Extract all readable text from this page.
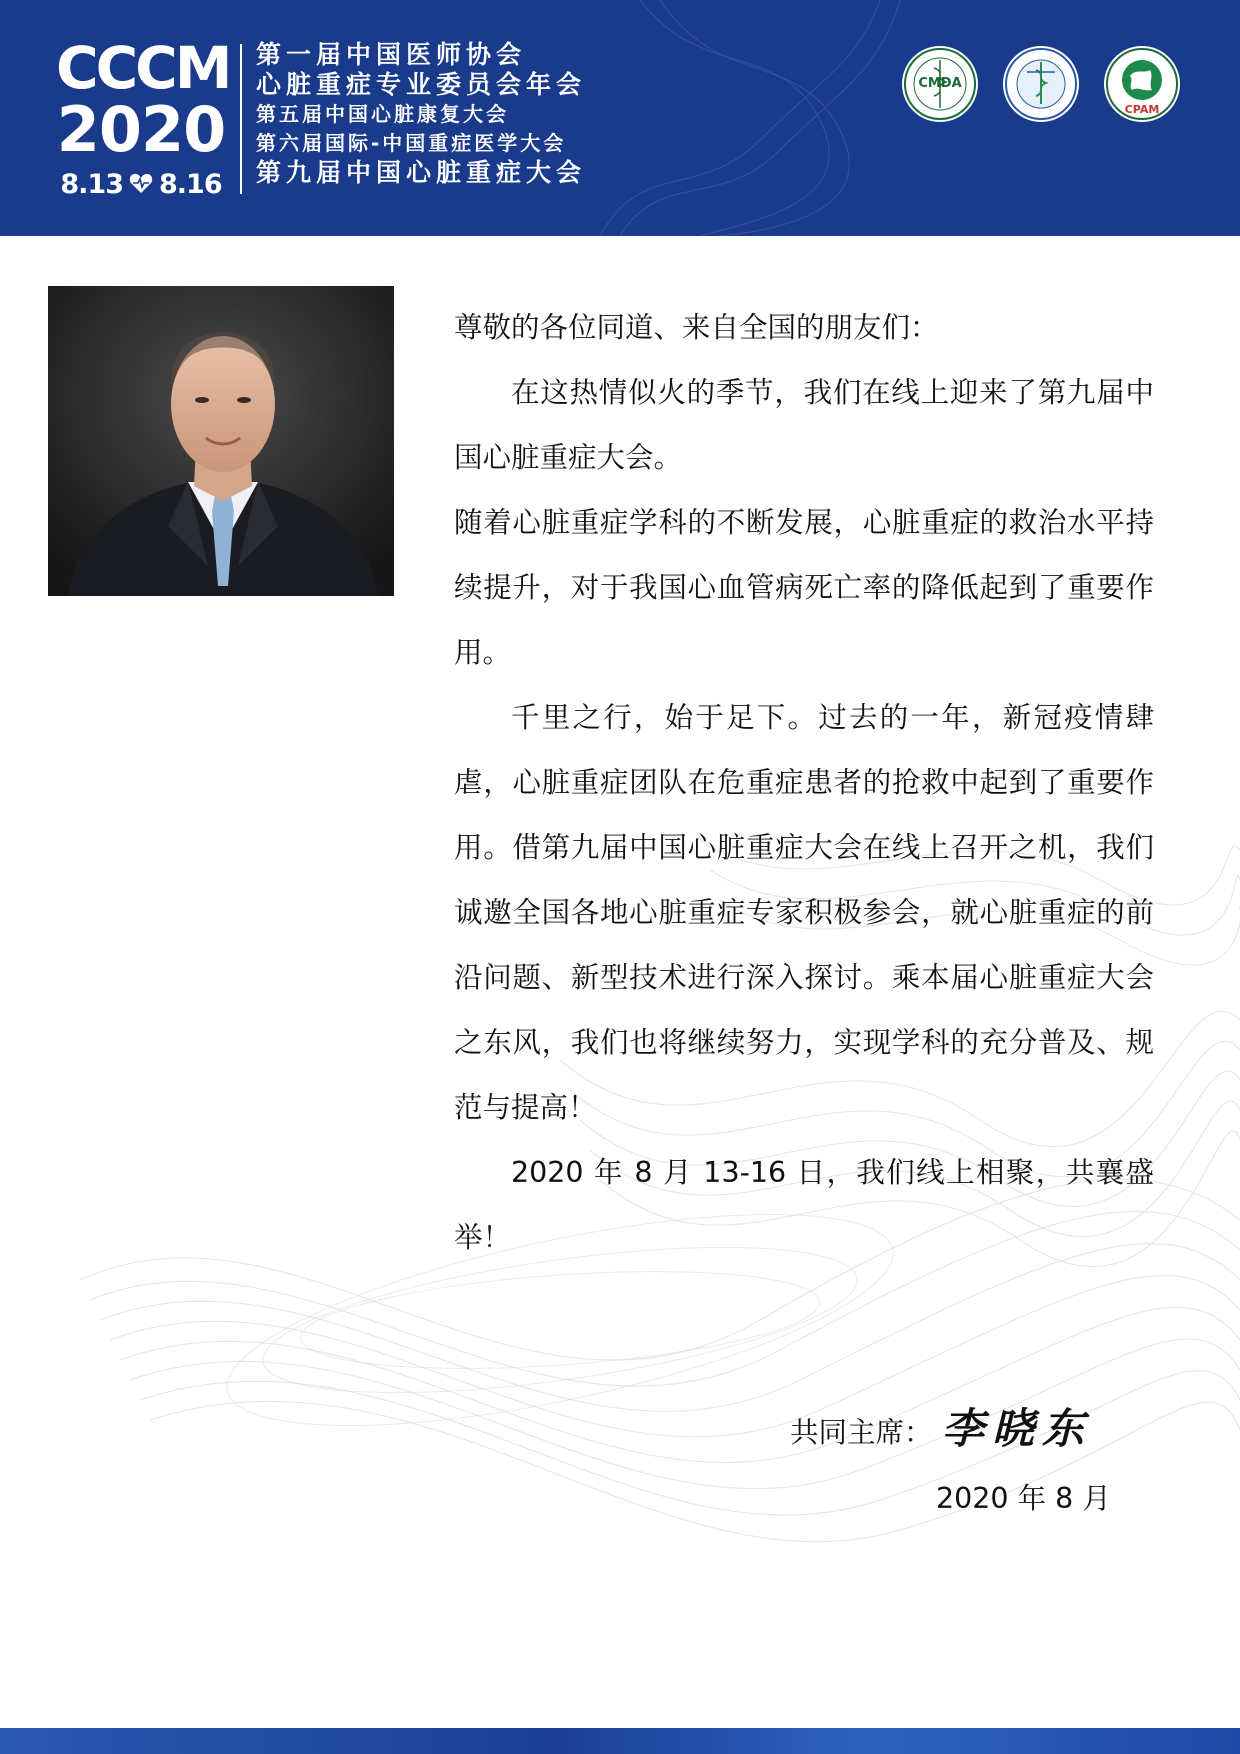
CCCM
2020
8.13 8.16
第一届中国医师协会
心脏重症专业委员会年会
第五届中国心脏康复大会
第六届国际-中国重症医学大会
第九届中国心脏重症大会
CMDA
CPAM

尊敬的各位同道、来自全国的朋友们：

在这热情似火的季节，我们在线上迎来了第九届中国心脏重症大会。

随着心脏重症学科的不断发展，心脏重症的救治水平持续提升，对于我国心血管病死亡率的降低起到了重要作用。

千里之行，始于足下。过去的一年，新冠疫情肆虐，心脏重症团队在危重症患者的抢救中起到了重要作用。借第九届中国心脏重症大会在线上召开之机，我们诚邀全国各地心脏重症专家积极参会，就心脏重症的前沿问题、新型技术进行深入探讨。乘本届心脏重症大会之东风，我们也将继续努力，实现学科的充分普及、规范与提高！

2020 年 8 月 13-16 日，我们线上相聚，共襄盛举！

共同主席： 李晓东
2020 年 8 月
